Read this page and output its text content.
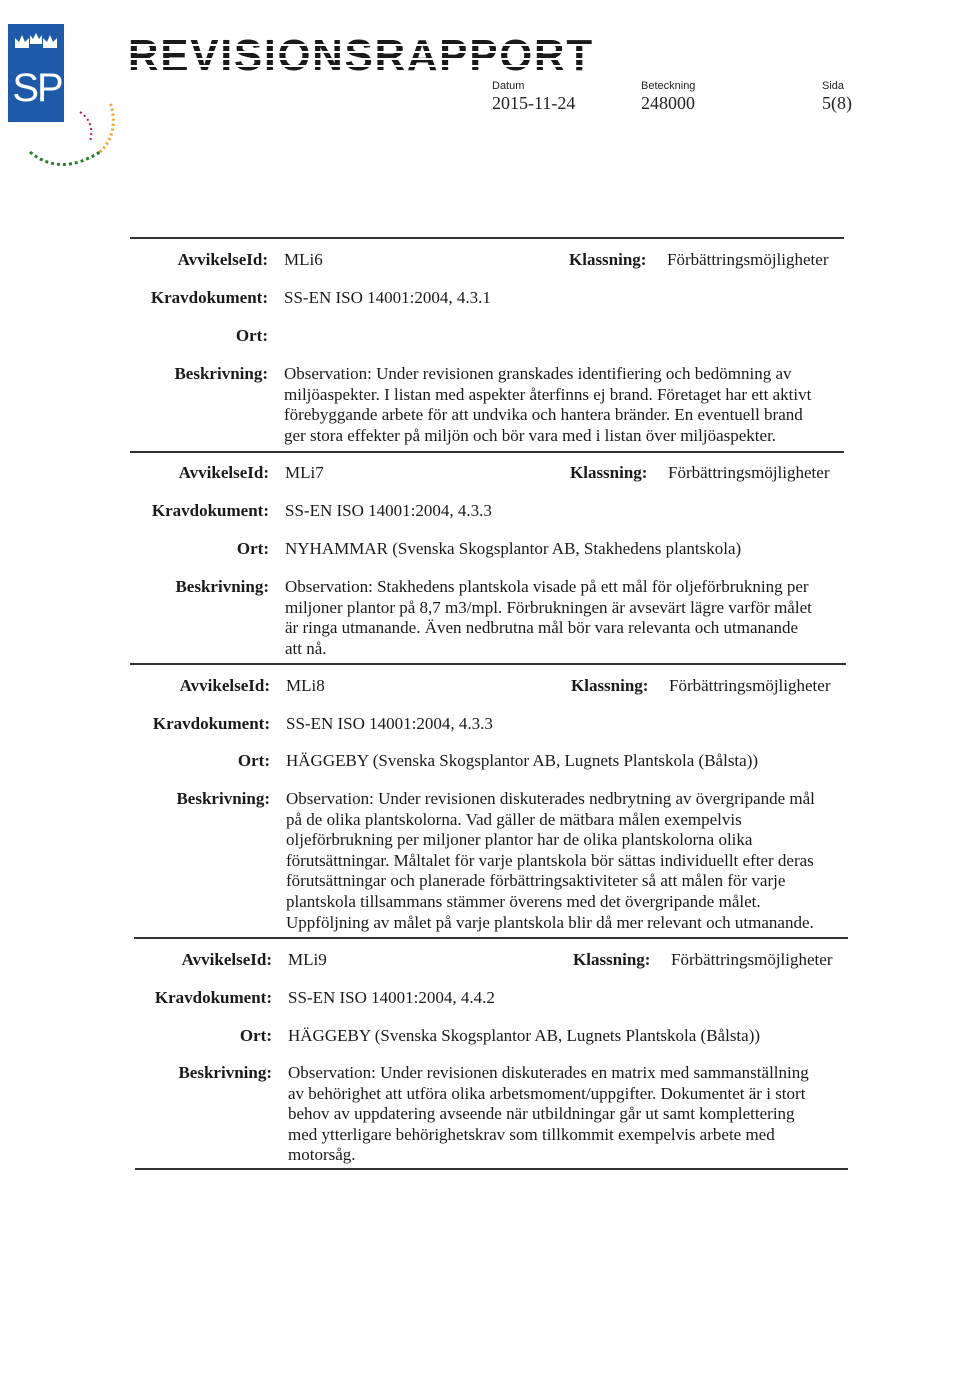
SP
REVISIONSRAPPORT
Datum
2015-11-24
Beteckning
248000
Sida
5(8)
AvvikelseId: MLi6	Klassning: Förbättringsmöjligheter
Kravdokument: SS-EN ISO 14001:2004, 4.3.1
Ort:
Beskrivning: Observation: Under revisionen granskades identifiering och bedömning av
miljöaspekter. I listan med aspekter återfinns ej brand. Företaget har ett aktivt
förebyggande arbete för att undvika och hantera bränder. En eventuell brand
ger stora effekter på miljön och bör vara med i listan över miljöaspekter.
AvvikelseId: MLi7	Klassning: Förbättringsmöjligheter
Kravdokument: SS-EN ISO 14001:2004, 4.3.3
Ort: NYHAMMAR (Svenska Skogsplantor AB, Stakhedens plantskola)
Beskrivning: Observation: Stakhedens plantskola visade på ett mål för oljeförbrukning per
miljoner plantor på 8,7 m3/mpl. Förbrukningen är avsevärt lägre varför målet
är ringa utmanande. Även nedbrutna mål bör vara relevanta och utmanande
att nå.
AvvikelseId: MLi8	Klassning: Förbättringsmöjligheter
Kravdokument: SS-EN ISO 14001:2004, 4.3.3
Ort: HÄGGEBY (Svenska Skogsplantor AB, Lugnets Plantskola (Bålsta))
Beskrivning: Observation: Under revisionen diskuterades nedbrytning av övergripande mål
på de olika plantskolorna. Vad gäller de mätbara målen exempelvis
oljeförbrukning per miljoner plantor har de olika plantskolorna olika
förutsättningar. Måltalet för varje plantskola bör sättas individuellt efter deras
förutsättningar och planerade förbättringsaktiviteter så att målen för varje
plantskola tillsammans stämmer överens med det övergripande målet.
Uppföljning av målet på varje plantskola blir då mer relevant och utmanande.
AvvikelseId: MLi9	Klassning: Förbättringsmöjligheter
Kravdokument: SS-EN ISO 14001:2004, 4.4.2
Ort: HÄGGEBY (Svenska Skogsplantor AB, Lugnets Plantskola (Bålsta))
Beskrivning: Observation: Under revisionen diskuterades en matrix med sammanställning
av behörighet att utföra olika arbetsmoment/uppgifter. Dokumentet är i stort
behov av uppdatering avseende när utbildningar går ut samt komplettering
med ytterligare behörighetskrav som tillkommit exempelvis arbete med
motorsåg.
